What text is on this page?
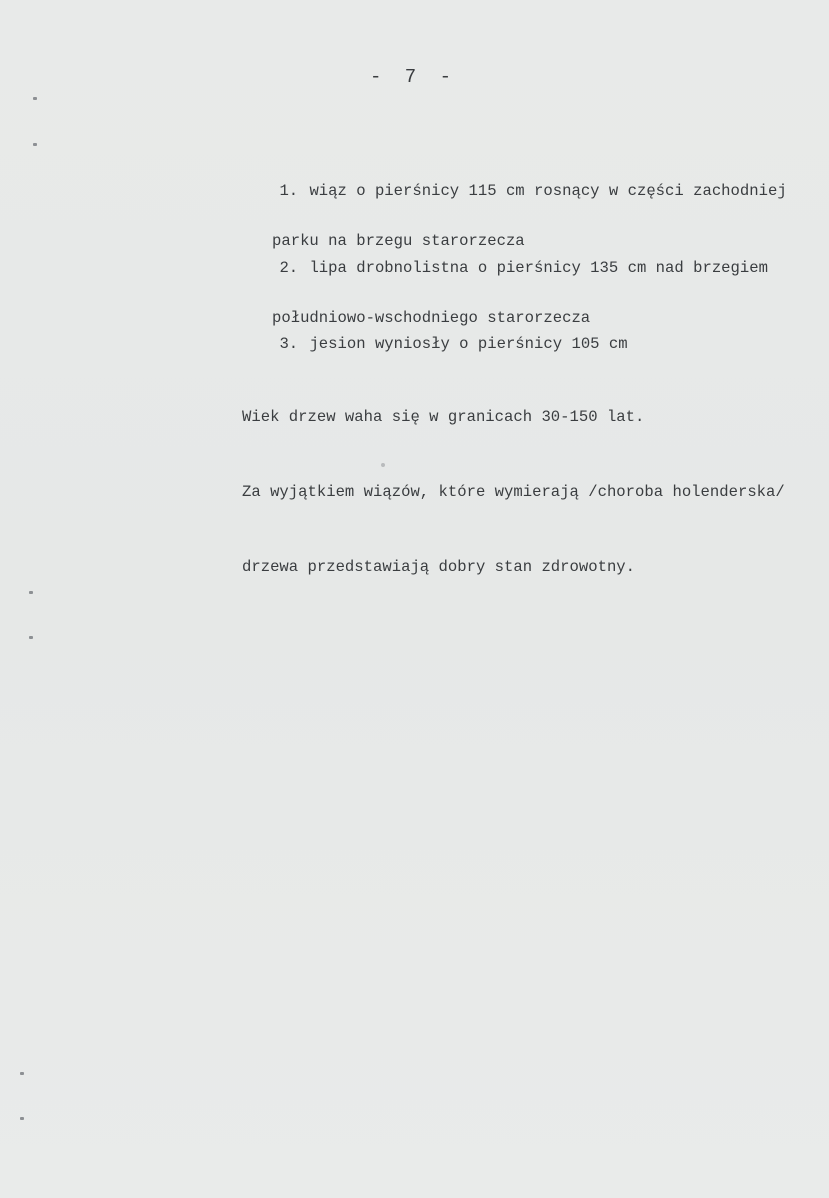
- 7 -

1. wiąz o pierśnicy 115 cm rosnący w części zachodniej

parku na brzegu starorzecza

2. lipa drobnolistna o pierśnicy 135 cm nad brzegiem

południowo-wschodniego starorzecza

3. jesion wyniosły o pierśnicy 105 cm

Wiek drzew waha się w granicach 30-150 lat.

Za wyjątkiem wiązów, które wymierają /choroba holenderska/

drzewa przedstawiają dobry stan zdrowotny.
